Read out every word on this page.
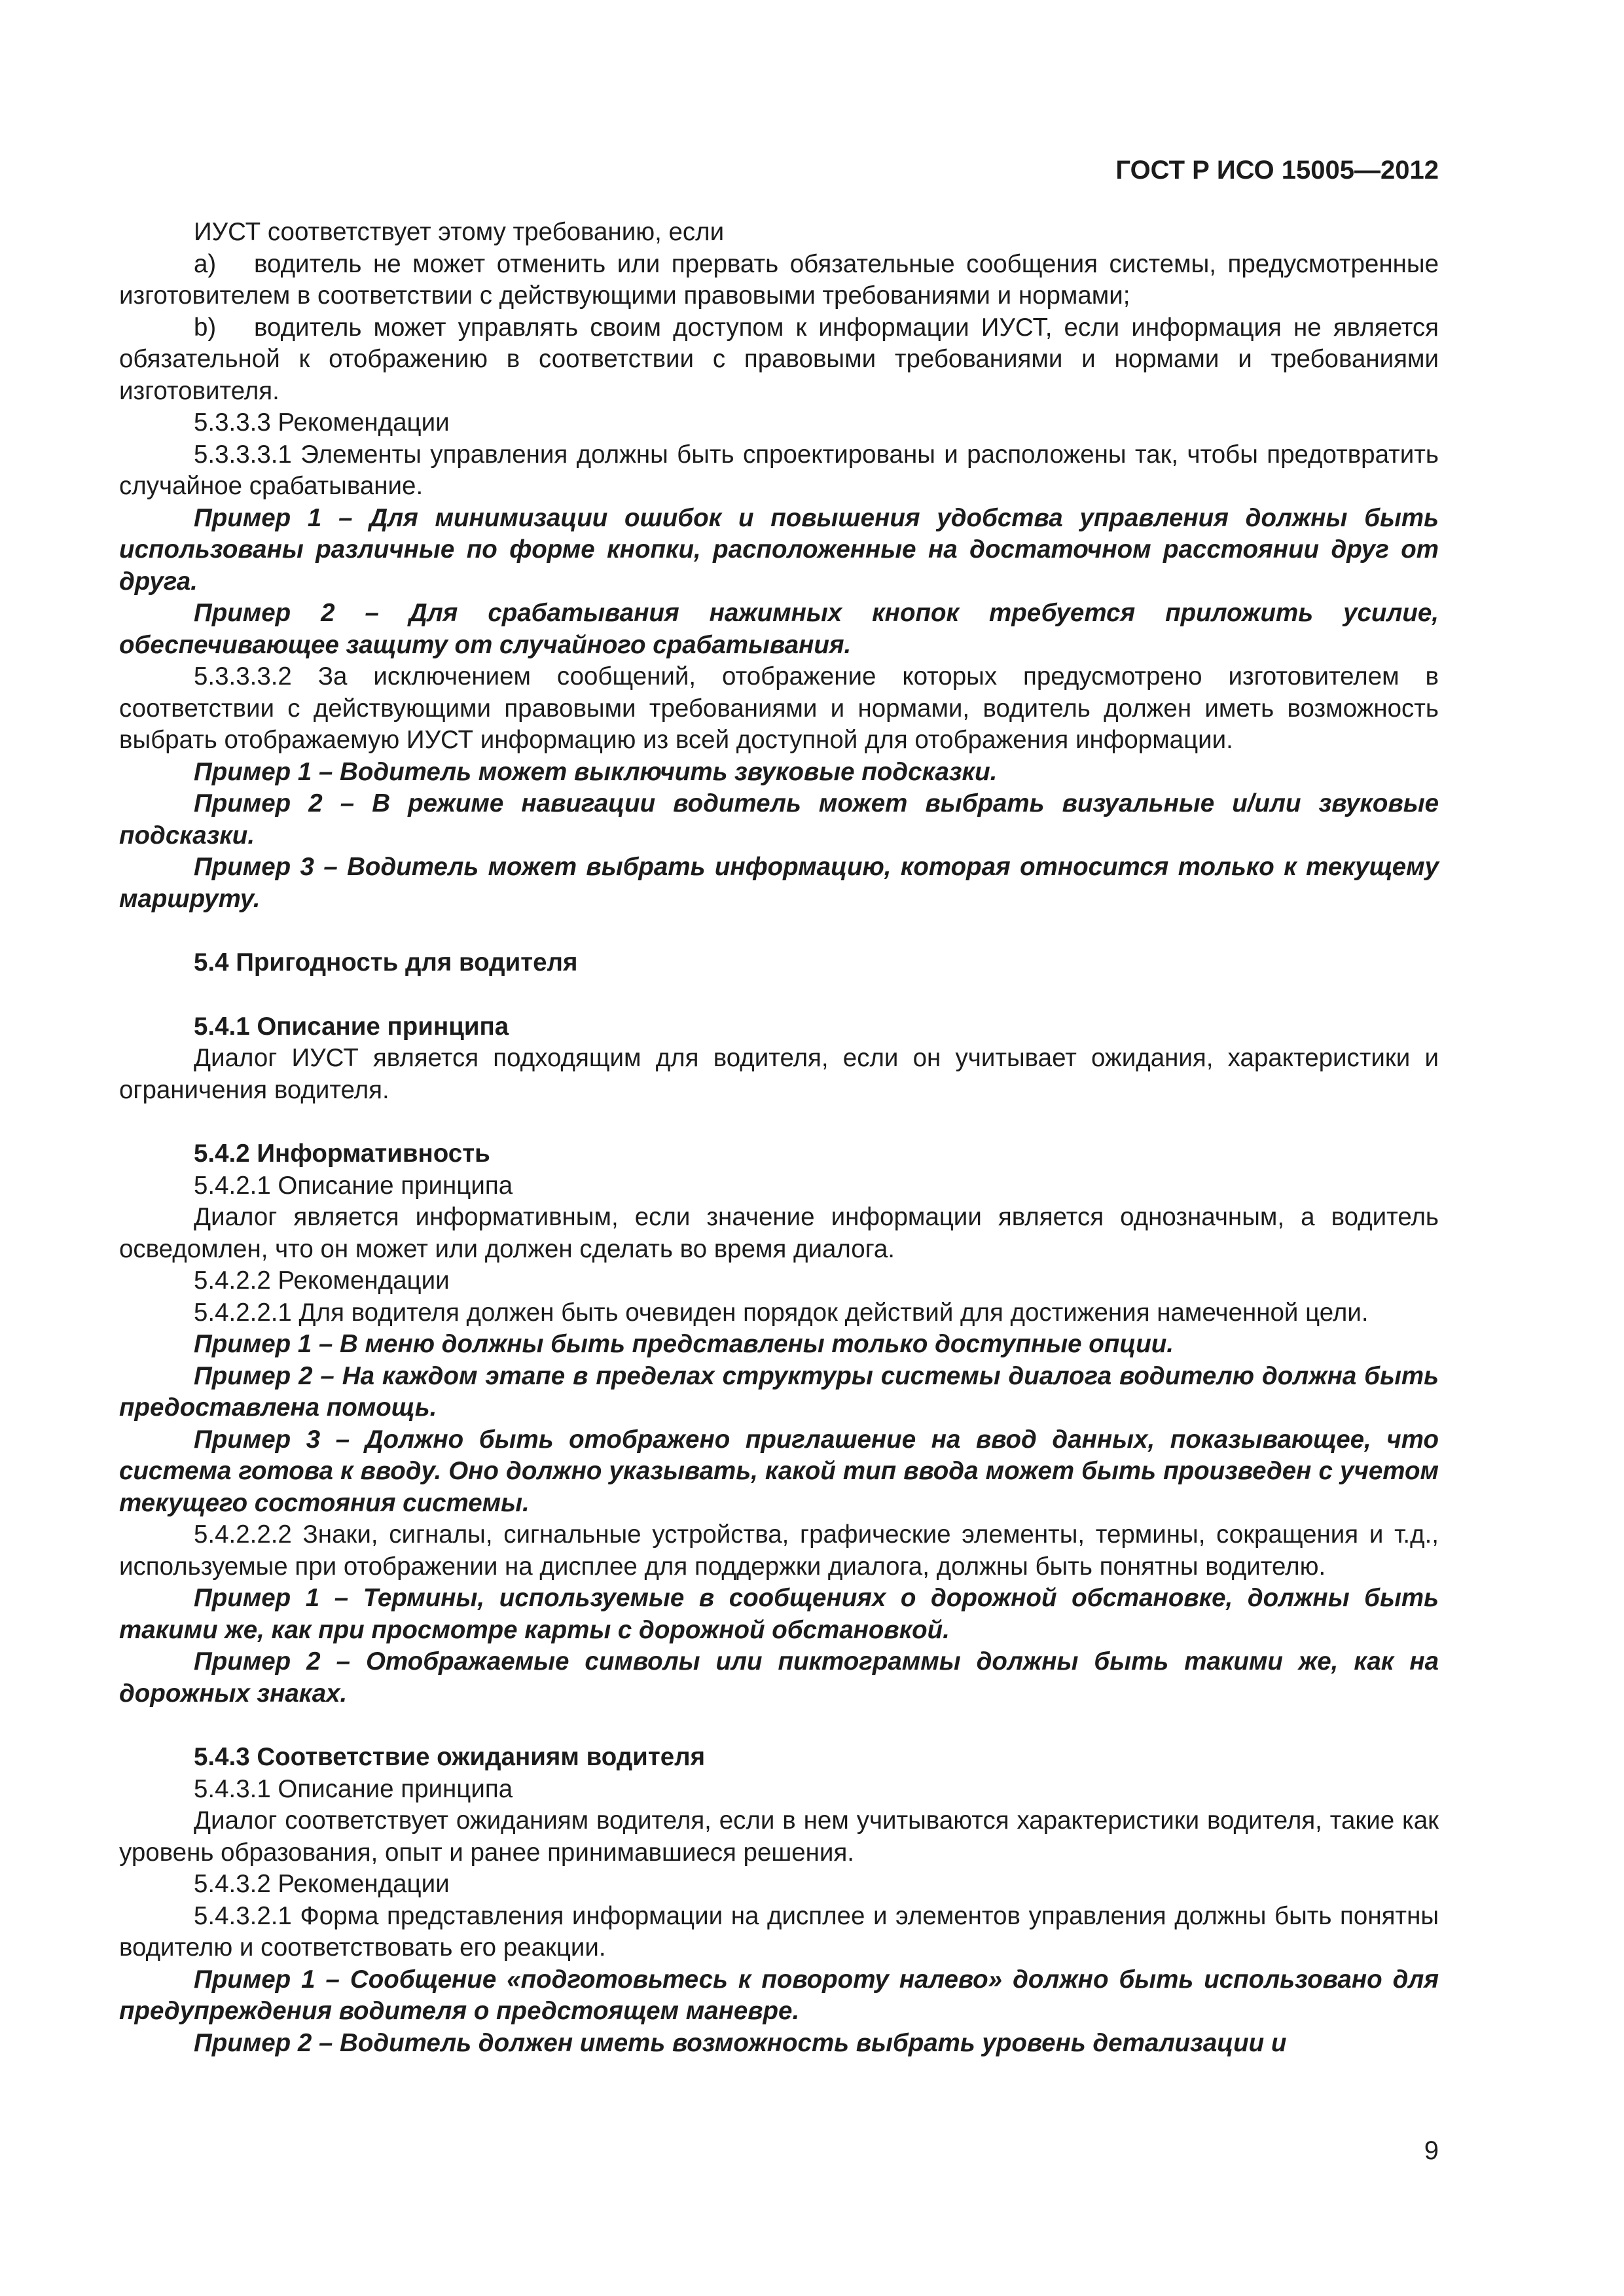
ГОСТ Р ИСО 15005—2012

ИУСТ соответствует этому требованию, если

a) водитель не может отменить или прервать обязательные сообщения системы, предусмотренные изготовителем в соответствии с действующими правовыми требованиями и нормами;

b) водитель может управлять своим доступом к информации ИУСТ, если информация не является обязательной к отображению в соответствии с правовыми требованиями и нормами и требованиями изготовителя.

5.3.3.3 Рекомендации

5.3.3.3.1 Элементы управления должны быть спроектированы и расположены так, чтобы предотвратить случайное срабатывание.

Пример 1 – Для минимизации ошибок и повышения удобства управления должны быть использованы различные по форме кнопки, расположенные на достаточном расстоянии друг от друга.

Пример 2 – Для срабатывания нажимных кнопок требуется приложить усилие, обеспечивающее защиту от случайного срабатывания.

5.3.3.3.2 За исключением сообщений, отображение которых предусмотрено изготовителем в соответствии с действующими правовыми требованиями и нормами, водитель должен иметь возможность выбрать отображаемую ИУСТ информацию из всей доступной для отображения информации.

Пример 1 – Водитель может выключить звуковые подсказки.

Пример 2 – В режиме навигации водитель может выбрать визуальные и/или звуковые подсказки.

Пример 3 – Водитель может выбрать информацию, которая относится только к текущему маршруту.

5.4 Пригодность для водителя

5.4.1 Описание принципа

Диалог ИУСТ является подходящим для водителя, если он учитывает ожидания, характеристики и ограничения водителя.

5.4.2 Информативность

5.4.2.1 Описание принципа

Диалог является информативным, если значение информации является однозначным, а водитель осведомлен, что он может или должен сделать во время диалога.

5.4.2.2 Рекомендации

5.4.2.2.1 Для водителя должен быть очевиден порядок действий для достижения намеченной цели.

Пример 1 – В меню должны быть представлены только доступные опции.

Пример 2 – На каждом этапе в пределах структуры системы диалога водителю должна быть предоставлена помощь.

Пример 3 – Должно быть отображено приглашение на ввод данных, показывающее, что система готова к вводу. Оно должно указывать, какой тип ввода может быть произведен с учетом текущего состояния системы.

5.4.2.2.2 Знаки, сигналы, сигнальные устройства, графические элементы, термины, сокращения и т.д., используемые при отображении на дисплее для поддержки диалога, должны быть понятны водителю.

Пример 1 – Термины, используемые в сообщениях о дорожной обстановке, должны быть такими же, как при просмотре карты с дорожной обстановкой.

Пример 2 – Отображаемые символы или пиктограммы должны быть такими же, как на дорожных знаках.

5.4.3 Соответствие ожиданиям водителя

5.4.3.1 Описание принципа

Диалог соответствует ожиданиям водителя, если в нем учитываются характеристики водителя, такие как уровень образования, опыт и ранее принимавшиеся решения.

5.4.3.2 Рекомендации

5.4.3.2.1 Форма представления информации на дисплее и элементов управления должны быть понятны водителю и соответствовать его реакции.

Пример 1 – Сообщение «подготовьтесь к повороту налево» должно быть использовано для предупреждения водителя о предстоящем маневре.

Пример 2 – Водитель должен иметь возможность выбрать уровень детализации и

9
